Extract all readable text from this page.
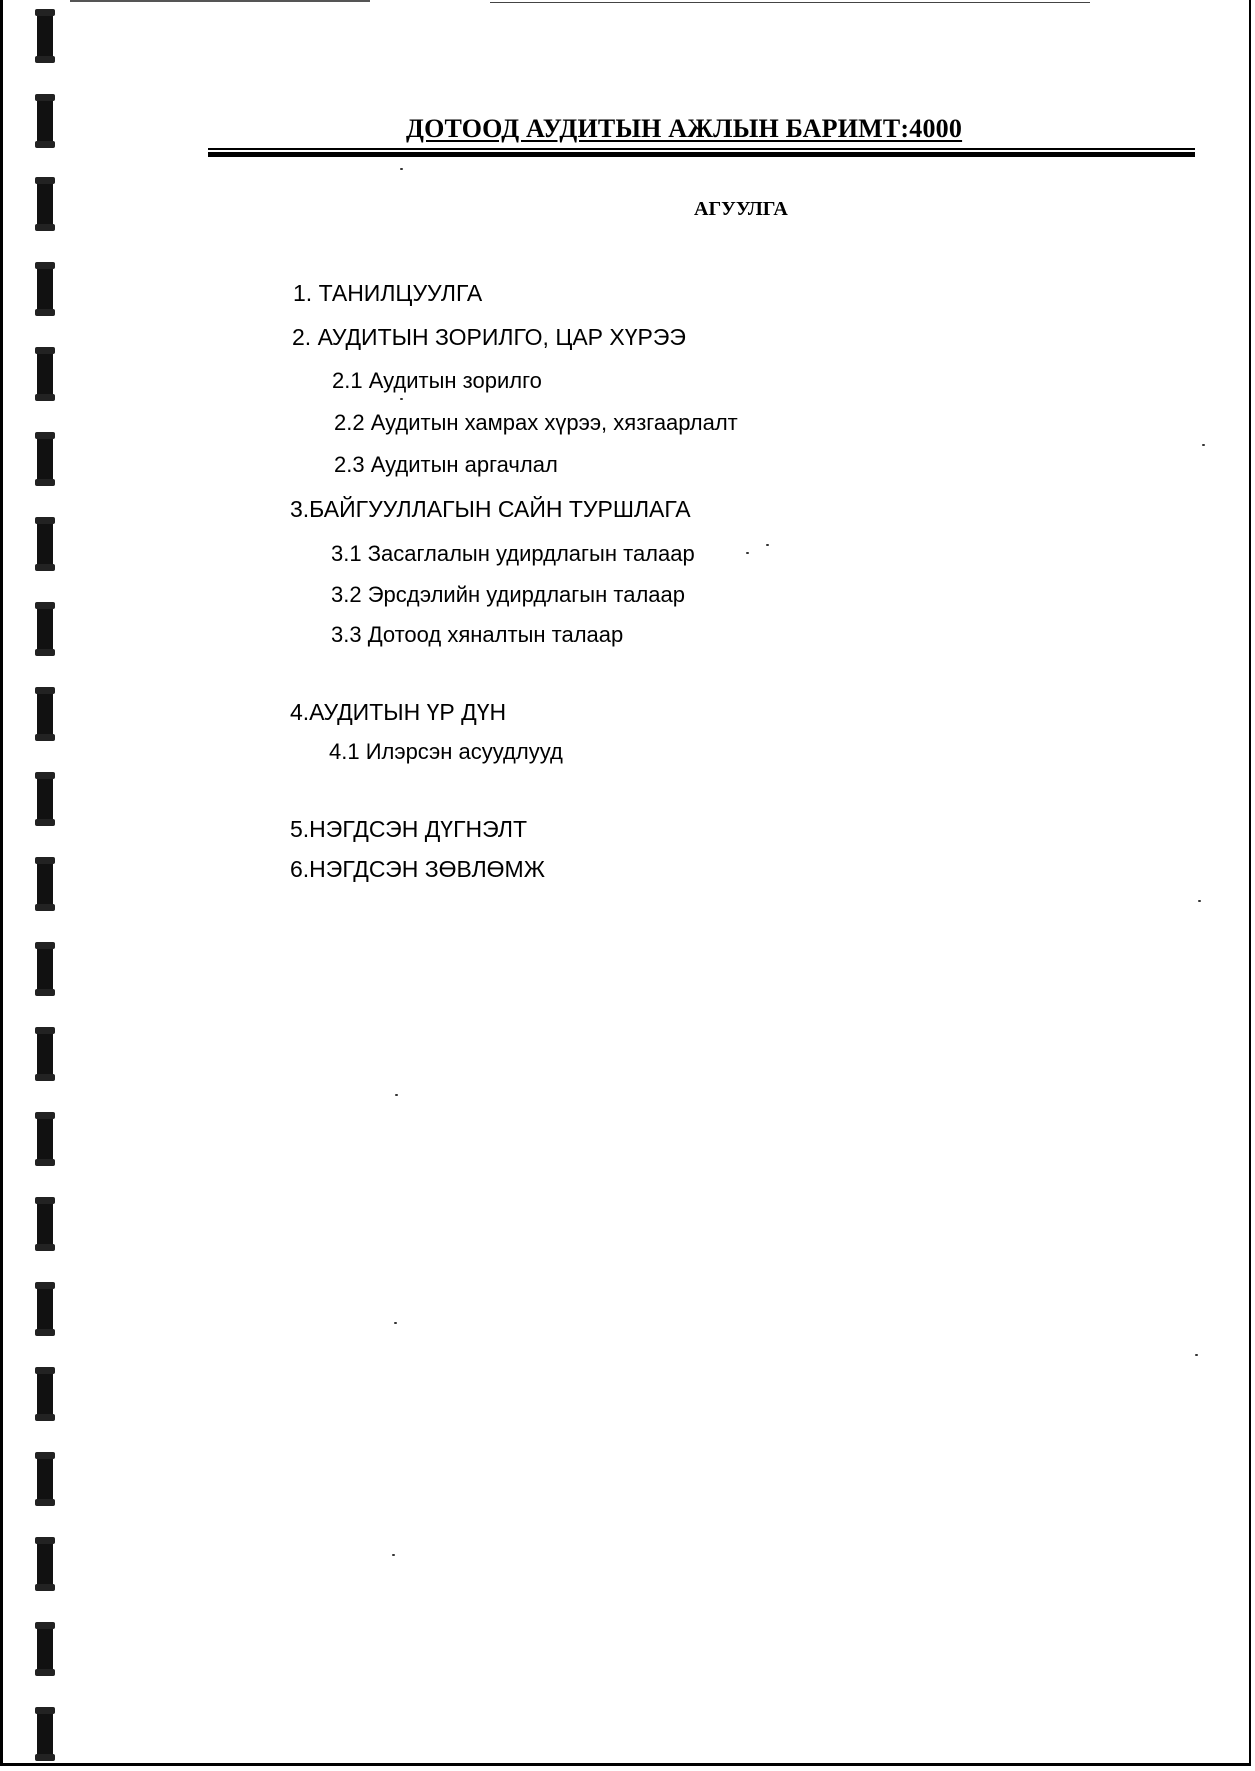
ДОТООД АУДИТЫН АЖЛЫН БАРИМТ:4000
АГУУЛГА
1. ТАНИЛЦУУЛГА
2. АУДИТЫН ЗОРИЛГО, ЦАР ХҮРЭЭ
2.1 Аудитын зорилго
2.2 Аудитын хамрах хүрээ, хязгаарлалт
2.3 Аудитын аргачлал
3.БАЙГУУЛЛАГЫН САЙН ТУРШЛАГА
3.1 Засаглалын удирдлагын талаар
3.2 Эрсдэлийн удирдлагын талаар
3.3 Дотоод хяналтын талаар
4.АУДИТЫН ҮР ДҮН
4.1 Илэрсэн асуудлууд
5.НЭГДСЭН ДҮГНЭЛТ
6.НЭГДСЭН ЗӨВЛӨМЖ
